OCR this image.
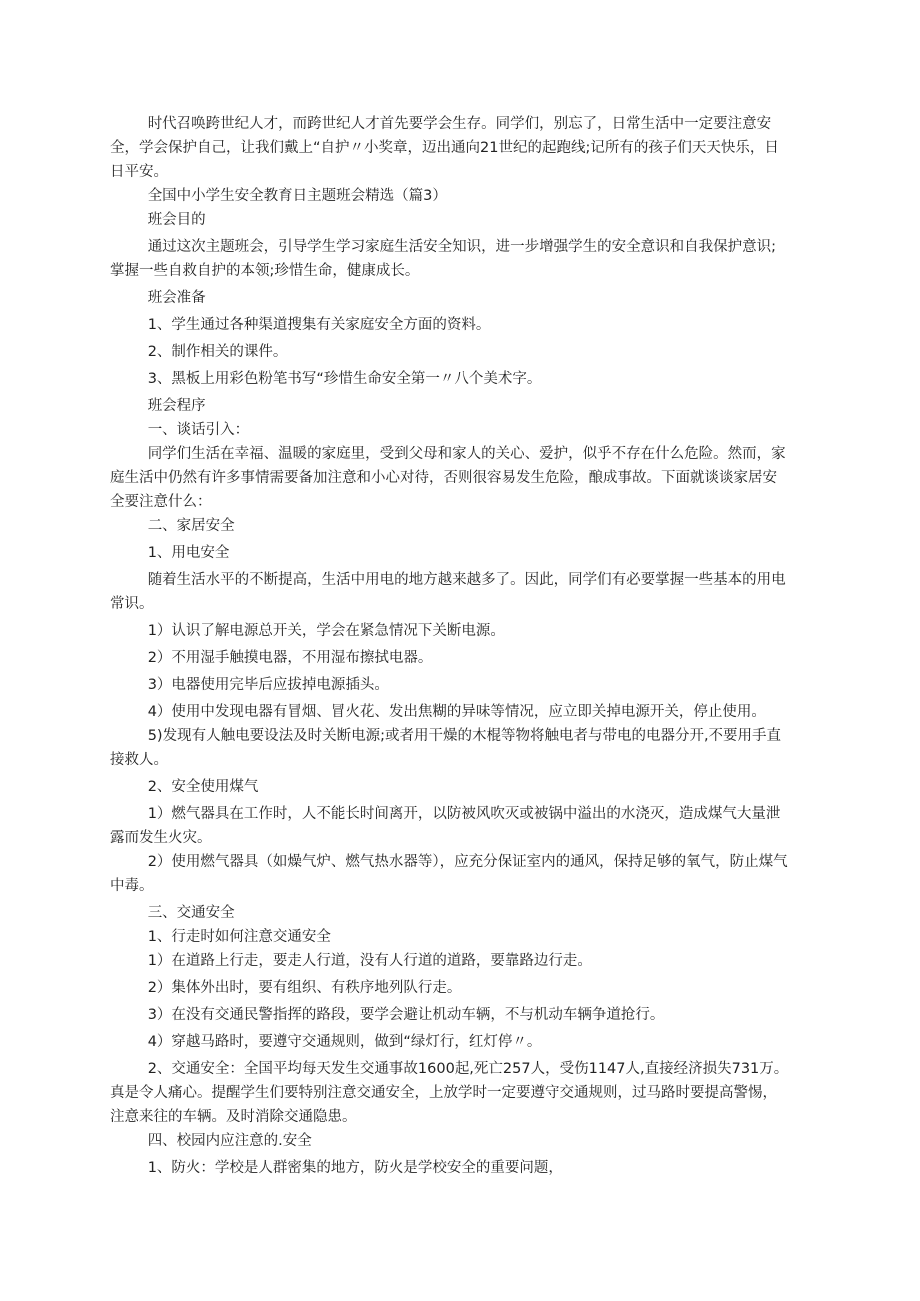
时代召唤跨世纪人才，而跨世纪人才首先要学会生存。同学们，别忘了，日常生活中一定要注意安全，学会保护自己，让我们戴上“自护〃小奖章，迈出通向21世纪的起跑线;记所有的孩子们天天快乐，日日平安。

全国中小学生安全教育日主题班会精选（篇3）

班会目的

通过这次主题班会，引导学生学习家庭生活安全知识，进一步增强学生的安全意识和自我保护意识;掌握一些自救自护的本领;珍惜生命，健康成长。

班会准备

1、学生通过各种渠道搜集有关家庭安全方面的资料。

2、制作相关的课件。

3、黑板上用彩色粉笔书写“珍惜生命安全第一〃八个美术字。

班会程序

一、谈话引入：

同学们生活在幸福、温暖的家庭里，受到父母和家人的关心、爱护，似乎不存在什么危险。然而，家庭生活中仍然有许多事情需要备加注意和小心对待，否则很容易发生危险，酿成事故。下面就谈谈家居安全要注意什么：

二、家居安全

1、用电安全

随着生活水平的不断提高，生活中用电的地方越来越多了。因此，同学们有必要掌握一些基本的用电常识。

1）认识了解电源总开关，学会在紧急情况下关断电源。

2）不用湿手触摸电器，不用湿布擦拭电器。

3）电器使用完毕后应拔掉电源插头。

4）使用中发现电器有冒烟、冒火花、发出焦糊的异味等情况，应立即关掉电源开关，停止使用。

5)发现有人触电要设法及时关断电源;或者用干燥的木棍等物将触电者与带电的电器分开,不要用手直接救人。

2、安全使用煤气

1）燃气器具在工作时，人不能长时间离开，以防被风吹灭或被锅中溢出的水浇灭，造成煤气大量泄露而发生火灾。

2）使用燃气器具（如燥气炉、燃气热水器等），应充分保证室内的通风，保持足够的氧气，防止煤气中毒。

三、交通安全

1、行走时如何注意交通安全

1）在道路上行走，要走人行道，没有人行道的道路，要靠路边行走。

2）集体外出时，要有组织、有秩序地列队行走。

3）在没有交通民警指挥的路段，要学会避让机动车辆，不与机动车辆争道抢行。

4）穿越马路时，要遵守交通规则，做到“绿灯行，红灯停〃。

2、交通安全：全国平均每天发生交通事故1600起,死亡257人，受伤1147人,直接经济损失731万。真是令人痛心。提醒学生们要特别注意交通安全，上放学时一定要遵守交通规则，过马路时要提高警惕，注意来往的车辆。及时消除交通隐患。

四、校园内应注意的.安全

1、防火：学校是人群密集的地方，防火是学校安全的重要问题，
